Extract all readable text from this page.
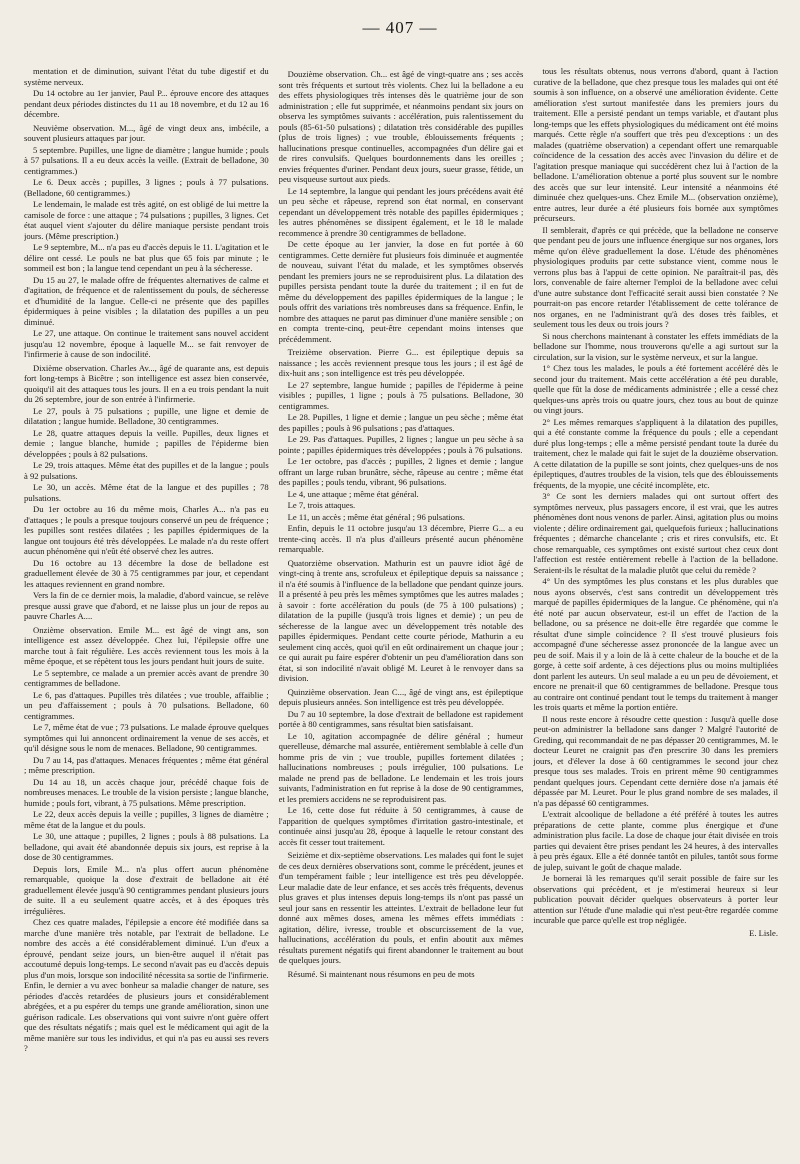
— 407 —

mentation et de diminution, suivant l'état du tube digestif et du système nerveux.

Du 14 octobre au 1er janvier, Paul P... éprouve encore des attaques pendant deux périodes distinctes du 11 au 18 novembre, et du 12 au 16 décembre.

Neuvième observation. M..., âgé de vingt deux ans, imbécile, a souvent plusieurs attaques par jour.

5 septembre. Pupilles, une ligne de diamètre ; langue humide ; pouls à 57 pulsations. Il a eu deux accès la veille. (Extrait de belladone, 30 centigrammes.)

Le 6. Deux accès ; pupilles, 3 lignes ; pouls à 77 pulsations. (Belladone, 60 centigrammes.)

Le lendemain, le malade est très agité, on est obligé de lui mettre la camisole de force : une attaque ; 74 pulsations ; pupilles, 3 lignes. Cet état auquel vient s'ajouter du délire maniaque persiste pendant trois jours. (Même prescription.)

Le 9 septembre, M... n'a pas eu d'accès depuis le 11. L'agitation et le délire ont cessé. Le pouls ne bat plus que 65 fois par minute ; le sommeil est bon ; la langue tend cependant un peu à la sécheresse.

Du 15 au 27, le malade offre de fréquentes alternatives de calme et d'agitation, de fréquence et de ralentissement du pouls, de sécheresse et d'humidité de la langue. Celle-ci ne présente que des papilles épidermiques à peine visibles ; la dilatation des pupilles a un peu diminué.

Le 27, une attaque. On continue le traitement sans nouvel accident jusqu'au 12 novembre, époque à laquelle M... se fait renvoyer de l'infirmerie à cause de son indocilité.

Dixième observation. Charles Av..., âgé de quarante ans, est depuis fort long-temps à Bicêtre ; son intelligence est assez bien conservée, quoiqu'il ait des attaques tous les jours. Il en a eu trois pendant la nuit du 26 septembre, jour de son entrée à l'infirmerie.

Le 27, pouls à 75 pulsations ; pupille, une ligne et demie de dilatation ; langue humide. Belladone, 30 centigrammes.

Le 28, quatre attaques depuis la veille. Pupilles, deux lignes et demie ; langue blanche, humide ; papilles de l'épiderme bien développées ; pouls à 82 pulsations.

Le 29, trois attaques. Même état des pupilles et de la langue ; pouls à 92 pulsations.

Le 30, un accès. Même état de la langue et des pupilles ; 78 pulsations.

Du 1er octobre au 16 du même mois, Charles A... n'a pas eu d'attaques ; le pouls a presque toujours conservé un peu de fréquence ; les pupilles sont restées dilatées ; les papilles épidermiques de la langue ont toujours été très développées. Le malade n'a du reste offert aucun phénomène qui n'eût été observé chez les autres.

Du 16 octobre au 13 décembre la dose de belladone est graduellement élevée de 30 à 75 centigrammes par jour, et cependant les attaques reviennent en grand nombre.

Vers la fin de ce dernier mois, la maladie, d'abord vaincue, se relève presque aussi grave que d'abord, et ne laisse plus un jour de repos au pauvre Charles A....

Onzième observation. Emile M... est âgé de vingt ans, son intelligence est assez développée. Chez lui, l'épilepsie offre une marche tout à fait régulière. Les accès reviennent tous les mois à la même époque, et se répètent tous les jours pendant huit jours de suite.

Le 5 septembre, ce malade a un premier accès avant de prendre 30 centigrammes de belladone.

Le 6, pas d'attaques. Pupilles très dilatées ; vue trouble, affaiblie ; un peu d'affaissement ; pouls à 70 pulsations. Belladone, 60 centigrammes.

Le 7, même état de vue ; 73 pulsations. Le malade éprouve quelques symptômes qui lui annoncent ordinairement la venue de ses accès, et qu'il désigne sous le nom de menaces. Belladone, 90 centigrammes.

Du 7 au 14, pas d'attaques. Menaces fréquentes ; même état général ; même prescription.

Du 14 au 18, un accès chaque jour, précédé chaque fois de nombreuses menaces. Le trouble de la vision persiste ; langue blanche, humide ; pouls fort, vibrant, à 75 pulsations. Même prescription.

Le 22, deux accès depuis la veille ; pupilles, 3 lignes de diamètre ; même état de la langue et du pouls.

Le 30, une attaque ; pupilles, 2 lignes ; pouls à 88 pulsations. La belladone, qui avait été abandonnée depuis six jours, est reprise à la dose de 30 centigrammes.

Depuis lors, Emile M... n'a plus offert aucun phénomène remarquable, quoique la dose d'extrait de belladone ait été graduellement élevée jusqu'à 90 centigrammes pendant plusieurs jours de suite. Il a eu seulement quatre accès, et à des époques très irrégulières.

Chez ces quatre malades, l'épilepsie a encore été modifiée dans sa marche d'une manière très notable, par l'extrait de belladone. Le nombre des accès a été considérablement diminué. L'un d'eux a éprouvé, pendant seize jours, un bien-être auquel il n'était pas accoutumé depuis long-temps. Le second n'avait pas eu d'accès depuis plus d'un mois, lorsque son indocilité nécessita sa sortie de l'infirmerie. Enfin, le dernier a vu avec bonheur sa maladie changer de nature, ses périodes d'accès retardées de plusieurs jours et considérablement abrégées, et a pu espérer du temps une grande amélioration, sinon une guérison radicale. Les observations qui vont suivre n'ont guère offert que des résultats négatifs ; mais quel est le médicament qui agit de la même manière sur tous les individus, et qui n'a pas eu aussi ses revers ?

Douzième observation. Ch... est âgé de vingt-quatre ans ; ses accès sont très fréquents et surtout très violents. Chez lui la belladone a eu des effets physiologiques très intenses dès le quatrième jour de son administration ; elle fut supprimée, et néanmoins pendant six jours on observa les symptômes suivants : accélération, puis ralentissement du pouls (85-61-50 pulsations) ; dilatation très considérable des pupilles (plus de trois lignes) ; vue trouble, éblouissements fréquents ; hallucinations presque continuelles, accompagnées d'un délire gai et de rires convulsifs. Quelques bourdonnements dans les oreilles ; envies fréquentes d'uriner. Pendant deux jours, sueur grasse, fétide, un peu visqueuse surtout aux pieds.

Le 14 septembre, la langue qui pendant les jours précédens avait été un peu sèche et râpeuse, reprend son état normal, en conservant cependant un développement très notable des papilles épidermiques ; les autres phénomènes se dissipent également, et le 18 le malade recommence à prendre 30 centigrammes de belladone.

De cette époque au 1er janvier, la dose en fut portée à 60 centigrammes. Cette dernière fut plusieurs fois diminuée et augmentée de nouveau, suivant l'état du malade, et les symptômes observés pendant les premiers jours ne se reproduisirent plus. La dilatation des pupilles persista pendant toute la durée du traitement ; il en fut de même du développement des papilles épidermiques de la langue ; le pouls offrit des variations très nombreuses dans sa fréquence. Enfin, le nombre des attaques ne parut pas diminuer d'une manière sensible ; on en compta trente-cinq, peut-être cependant moins intenses que précédemment.

Treizième observation. Pierre G... est épileptique depuis sa naissance ; les accès reviennent presque tous les jours ; il est âgé de dix-huit ans ; son intelligence est très peu développée.

Le 27 septembre, langue humide ; papilles de l'épiderme à peine visibles ; pupilles, 1 ligne ; pouls à 75 pulsations. Belladone, 30 centigrammes.

Le 28. Pupilles, 1 ligne et demie ; langue un peu sèche ; même état des papilles ; pouls à 96 pulsations ; pas d'attaques.

Le 29. Pas d'attaques. Pupilles, 2 lignes ; langue un peu sèche à sa pointe ; papilles épidermiques très développées ; pouls à 76 pulsations.

Le 1er octobre, pas d'accès ; pupilles, 2 lignes et demie ; langue offrant un large ruban brunâtre, sèche, râpeuse au centre ; même état des papilles ; pouls tendu, vibrant, 96 pulsations.

Le 4, une attaque ; même état général.

Le 7, trois attaques.

Le 11, un accès ; même état général ; 96 pulsations.

Enfin, depuis le 11 octobre jusqu'au 13 décembre, Pierre G... a eu trente-cinq accès. Il n'a plus d'ailleurs présenté aucun phénomène remarquable.

Quatorzième observation. Mathurin est un pauvre idiot âgé de vingt-cinq à trente ans, scrofuleux et épileptique depuis sa naissance ; il n'a été soumis à l'influence de la belladone que pendant quinze jours. Il a présenté à peu près les mêmes symptômes que les autres malades ; à savoir : forte accélération du pouls (de 75 à 100 pulsations) ; dilatation de la pupille (jusqu'à trois lignes et demie) ; un peu de sécheresse de la langue avec un développement très notable des papilles épidermiques. Pendant cette courte période, Mathurin a eu seulement cinq accès, quoi qu'il en eût ordinairement un chaque jour ; ce qui aurait pu faire espérer d'obtenir un peu d'amélioration dans son état, si son indocilité n'avait obligé M. Leuret à le renvoyer dans sa division.

Quinzième observation. Jean C..., âgé de vingt ans, est épileptique depuis plusieurs années. Son intelligence est très peu développée.

Du 7 au 10 septembre, la dose d'extrait de belladone est rapidement portée à 80 centigrammes, sans résultat bien satisfaisant.

Le 10, agitation accompagnée de délire général ; humeur querelleuse, démarche mal assurée, entièrement semblable à celle d'un homme pris de vin ; vue trouble, pupilles fortement dilatées ; hallucinations nombreuses ; pouls irrégulier, 100 pulsations. Le malade ne prend pas de belladone. Le lendemain et les trois jours suivants, l'administration en fut reprise à la dose de 90 centigrammes, et les premiers accidens ne se reproduisirent pas.

Le 16, cette dose fut réduite à 50 centigrammes, à cause de l'apparition de quelques symptômes d'irritation gastro-intestinale, et continuée ainsi jusqu'au 28, époque à laquelle le retour constant des accès fit cesser tout traitement.

Seizième et dix-septième observations. Les malades qui font le sujet de ces deux dernières observations sont, comme le précédent, jeunes et d'un tempérament faible ; leur intelligence est très peu développée. Leur maladie date de leur enfance, et ses accès très fréquents, devenus plus graves et plus intenses depuis long-temps ils n'ont pas passé un seul jour sans en ressentir les atteintes. L'extrait de belladone leur fut donné aux mêmes doses, amena les mêmes effets immédiats : agitation, délire, ivresse, trouble et obscurcissement de la vue, hallucinations, accélération du pouls, et enfin aboutit aux mêmes résultats purement négatifs qui firent abandonner le traitement au bout de quelques jours.

Résumé. Si maintenant nous résumons en peu de mots

tous les résultats obtenus, nous verrons d'abord, quant à l'action curative de la belladone, que chez presque tous les malades qui ont été soumis à son influence, on a observé une amélioration évidente. Cette amélioration s'est surtout manifestée dans les premiers jours du traitement. Elle a persisté pendant un temps variable, et d'autant plus long-temps que les effets physiologiques du médicament ont été moins marqués. Cette règle n'a souffert que très peu d'exceptions : un des malades (quatrième observation) a cependant offert une remarquable coïncidence de la cessation des accès avec l'invasion du délire et de l'agitation presque maniaque qui succédèrent chez lui à l'action de la belladone. L'amélioration obtenue a porté plus souvent sur le nombre des accès que sur leur intensité. Leur intensité a néanmoins été diminuée chez quelques-uns. Chez Emile M... (observation onzième), entre autres, leur durée a été plusieurs fois bornée aux symptômes précurseurs.

Il semblerait, d'après ce qui précède, que la belladone ne conserve que pendant peu de jours une influence énergique sur nos organes, lors même qu'on élève graduellement la dose. L'étude des phénomènes physiologiques produits par cette substance vient, comme nous le verrons plus bas à l'appui de cette opinion. Ne paraîtrait-il pas, dès lors, convenable de faire alterner l'emploi de la belladone avec celui d'une autre substance dont l'efficacité serait aussi bien constatée ? Ne pourrait-on pas encore retarder l'établissement de cette tolérance de nos organes, en ne l'administrant qu'à des doses très faibles, et seulement tous les deux ou trois jours ?

Si nous cherchons maintenant à constater les effets immédiats de la belladone sur l'homme, nous trouverons qu'elle a agi surtout sur la circulation, sur la vision, sur le système nerveux, et sur la langue.

1° Chez tous les malades, le pouls a été fortement accéléré dès le second jour du traitement. Mais cette accélération a été peu durable, quelle que fût la dose de médicaments administrée ; elle a cessé chez quelques-uns après trois ou quatre jours, chez tous au bout de quinze ou vingt jours.

2° Les mêmes remarques s'appliquent à la dilatation des pupilles, qui a été constante comme la fréquence du pouls ; elle a cependant duré plus long-temps ; elle a même persisté pendant toute la durée du traitement, chez le malade qui fait le sujet de la douzième observation. A cette dilatation de la pupille se sont joints, chez quelques-uns de nos épileptiques, d'autres troubles de la vision, tels que des éblouissements fréquents, de la myopie, une cécité incomplète, etc.

3° Ce sont les derniers malades qui ont surtout offert des symptômes nerveux, plus passagers encore, il est vrai, que les autres phénomènes dont nous venons de parler. Ainsi, agitation plus ou moins violente ; délire ordinairement gai, quelquefois furieux ; hallucinations fréquentes ; démarche chancelante ; cris et rires convulsifs, etc. Et chose remarquable, ces symptômes ont existé surtout chez ceux dont l'affection est restée entièrement rebelle à l'action de la belladone. Seraient-ils le résultat de la maladie plutôt que celui du remède ?

4° Un des symptômes les plus constans et les plus durables que nous ayons observés, c'est sans contredit un développement très marqué de papilles épidermiques de la langue. Ce phénomène, qui n'a été noté par aucun observateur, est-il un effet de l'action de la belladone, ou sa présence ne doit-elle être regardée que comme le résultat d'une simple coïncidence ? Il s'est trouvé plusieurs fois accompagné d'une sécheresse assez prononcée de la langue avec un peu de soif. Mais il y a loin de là à cette chaleur de la bouche et de la gorge, à cette soif ardente, à ces déjections plus ou moins multipliées dont parlent les auteurs. Un seul malade a eu un peu de dévoiement, et encore ne prenait-il que 60 centigrammes de belladone. Presque tous au contraire ont continué pendant tout le temps du traitement à manger les trois quarts et même la portion entière.

Il nous reste encore à résoudre cette question : Jusqu'à quelle dose peut-on administrer la belladone sans danger ? Malgré l'autorité de Greding, qui recommandait de ne pas dépasser 20 centigrammes, M. le docteur Leuret ne craignit pas d'en prescrire 30 dans les premiers jours, et d'élever la dose à 60 centigrammes le second jour chez presque tous ses malades. Trois en prirent même 90 centigrammes pendant quelques jours. Cependant cette dernière dose n'a jamais été dépassée par M. Leuret. Pour le plus grand nombre de ses malades, il n'a pas dépassé 60 centigrammes.

L'extrait alcoolique de belladone a été préféré à toutes les autres préparations de cette plante, comme plus énergique et d'une administration plus facile. La dose de chaque jour était divisée en trois parties qui devaient être prises pendant les 24 heures, à des intervalles à peu près égaux. Elle a été donnée tantôt en pilules, tantôt sous forme de julep, suivant le goût de chaque malade.

Je bornerai là les remarques qu'il serait possible de faire sur les observations qui précèdent, et je m'estimerai heureux si leur publication pouvait décider quelques observateurs à porter leur attention sur l'étude d'une maladie qui n'est peut-être regardée comme incurable que parce qu'elle est trop négligée.

E. Lisle.
